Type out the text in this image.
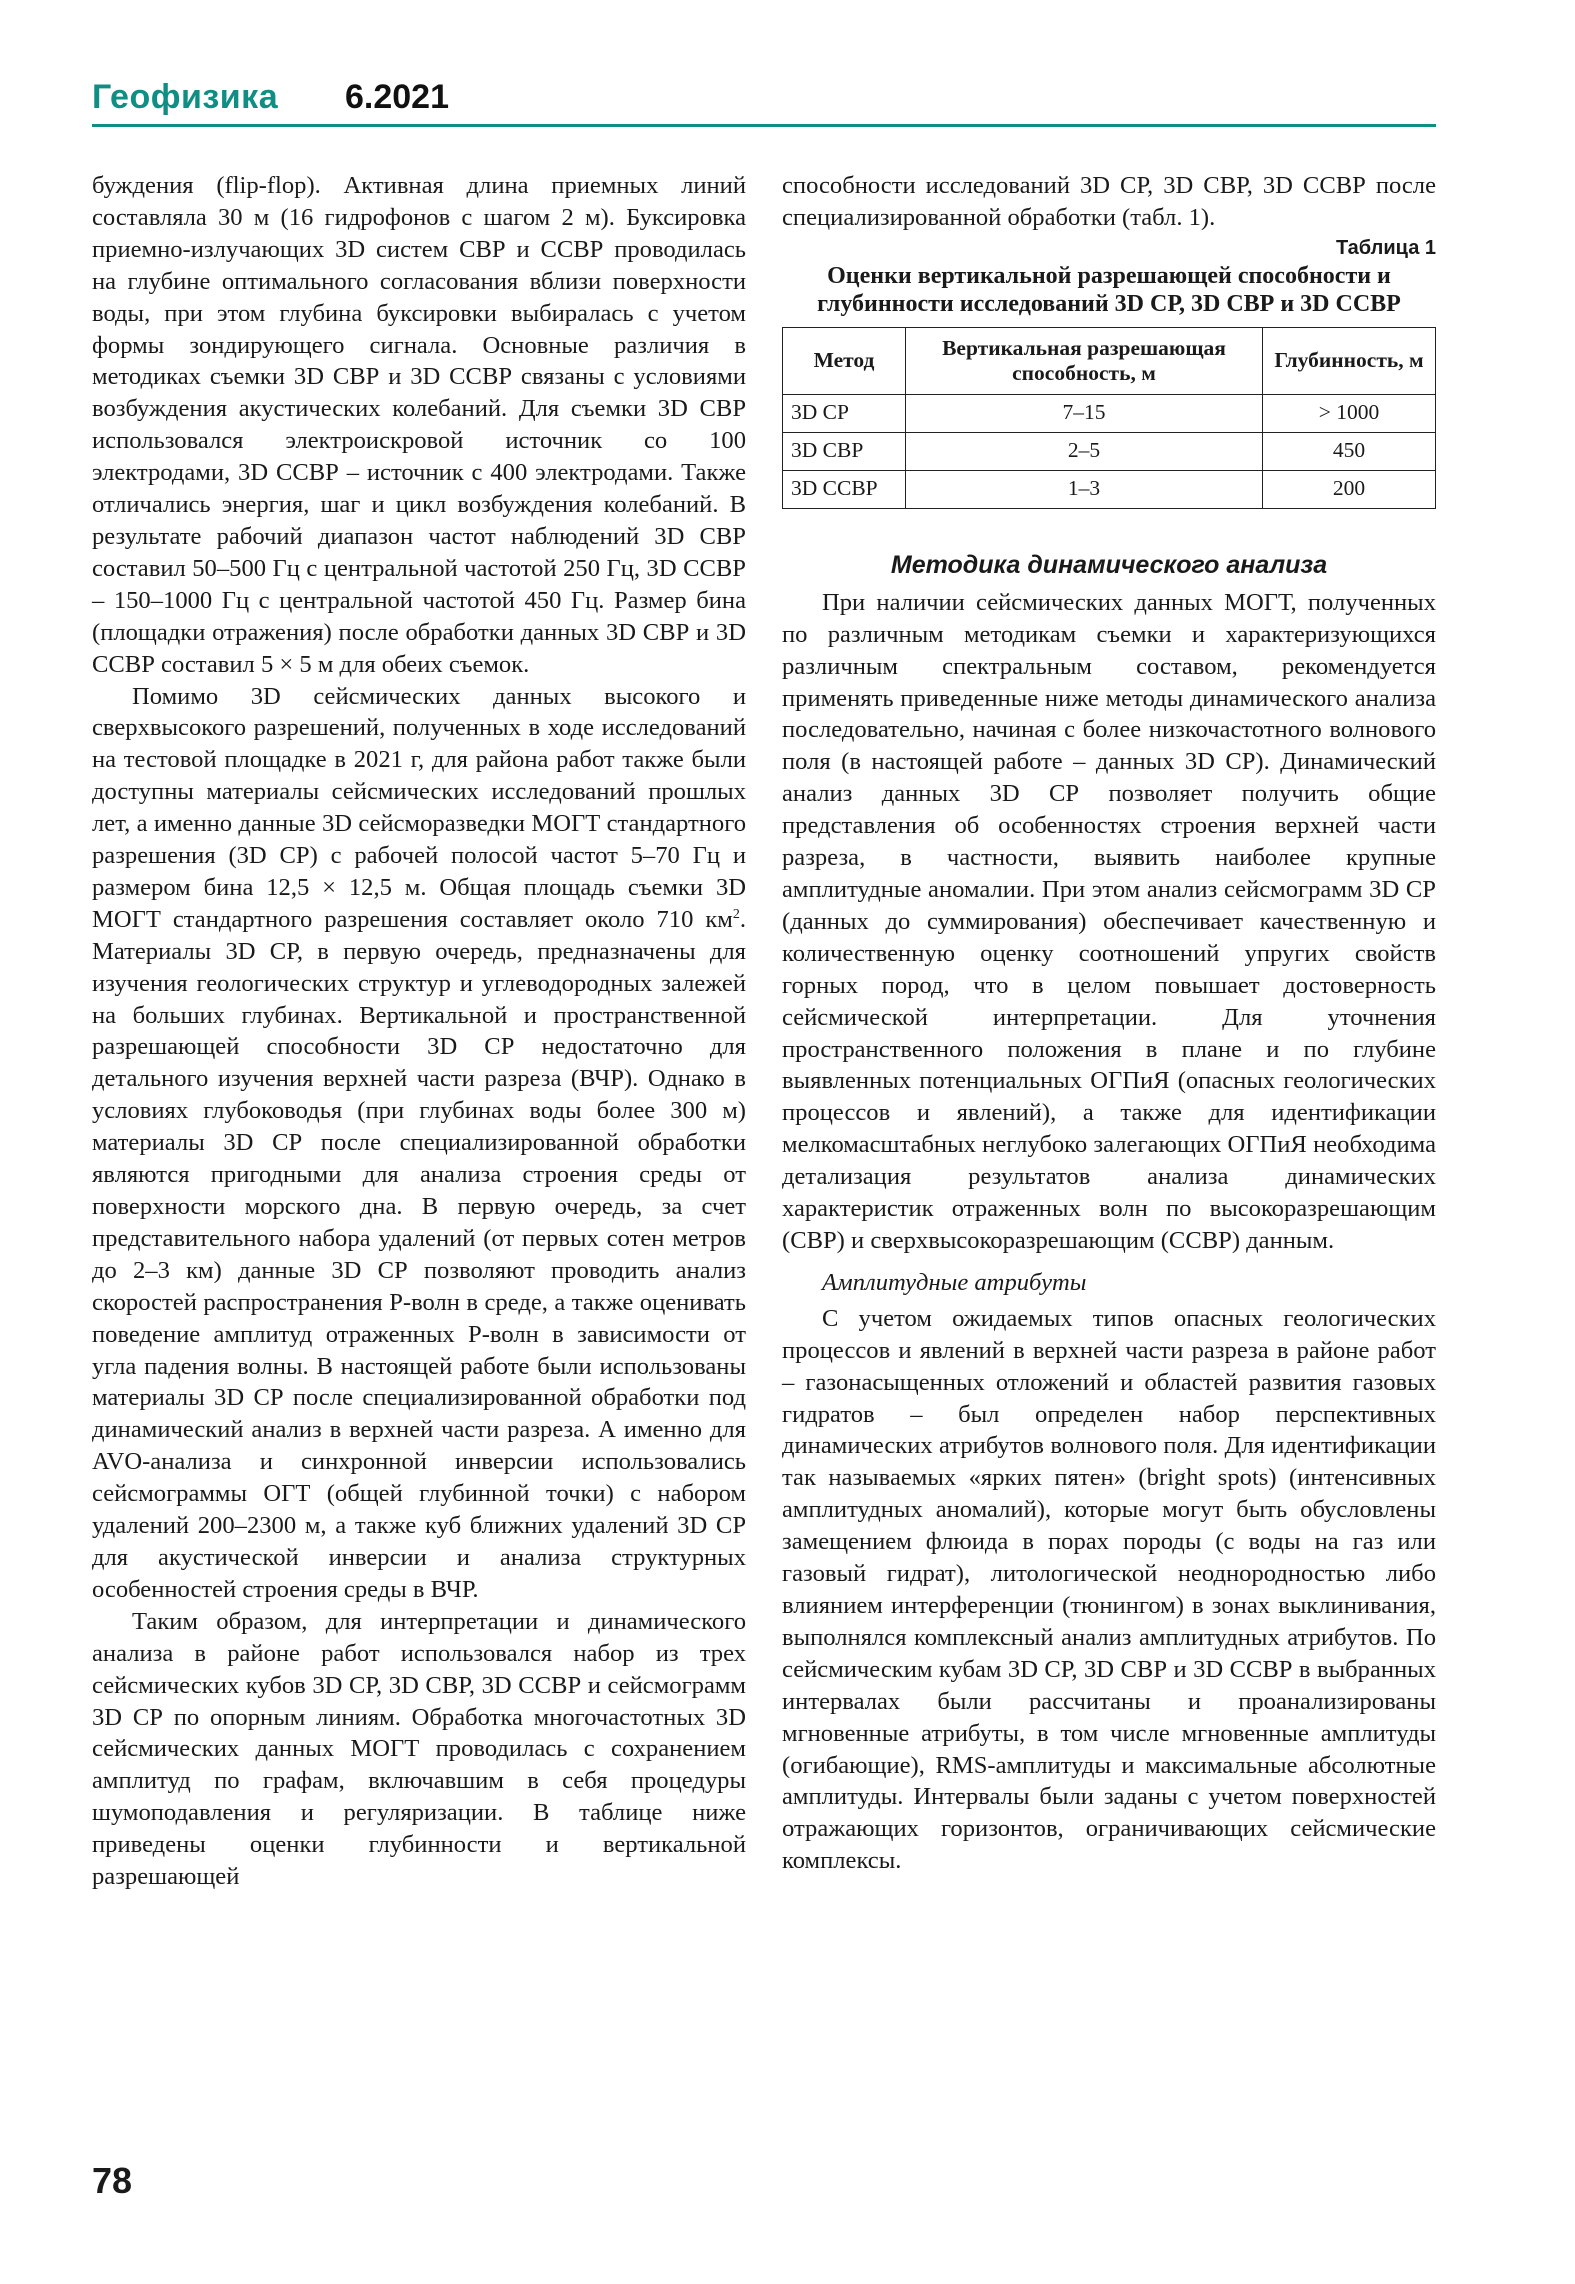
Геофизика 6.2021

буждения (flip-flop). Активная длина приемных линий составляла 30 м (16 гидрофонов с шагом 2 м). Буксировка приемно-излучающих 3D систем СВР и ССВР проводилась на глубине оптимального согласования вблизи поверхности воды, при этом глубина буксировки выбиралась с учетом формы зондирующего сигнала. Основные различия в методиках съемки 3D СВР и 3D ССВР связаны с условиями возбуждения акустических колебаний. Для съемки 3D СВР использовался электроискровой источник со 100 электродами, 3D ССВР – источник с 400 электродами. Также отличались энергия, шаг и цикл возбуждения колебаний. В результате рабочий диапазон частот наблюдений 3D СВР составил 50–500 Гц с центральной частотой 250 Гц, 3D ССВР – 150–1000 Гц с центральной частотой 450 Гц. Размер бина (площадки отражения) после обработки данных 3D СВР и 3D ССВР составил 5 × 5 м для обеих съемок.

Помимо 3D сейсмических данных высокого и сверхвысокого разрешений, полученных в ходе исследований на тестовой площадке в 2021 г, для района работ также были доступны материалы сейсмических исследований прошлых лет, а именно данные 3D сейсморазведки МОГТ стандартного разрешения (3D СР) с рабочей полосой частот 5–70 Гц и размером бина 12,5 × 12,5 м. Общая площадь съемки 3D МОГТ стандартного разрешения составляет около 710 $км^2$. Материалы 3D СР, в первую очередь, предназначены для изучения геологических структур и углеводородных залежей на больших глубинах. Вертикальной и пространственной разрешающей способности 3D СР недостаточно для детального изучения верхней части разреза (ВЧР). Однако в условиях глубоководья (при глубинах воды более 300 м) материалы 3D СР после специализированной обработки являются пригодными для анализа строения среды от поверхности морского дна. В первую очередь, за счет представительного набора удалений (от первых сотен метров до 2–3 км) данные 3D СР позволяют проводить анализ скоростей распространения P-волн в среде, а также оценивать поведение амплитуд отраженных P-волн в зависимости от угла падения волны. В настоящей работе были использованы материалы 3D СР после специализированной обработки под динамический анализ в верхней части разреза. А именно для AVO-анализа и синхронной инверсии использовались сейсмограммы ОГТ (общей глубинной точки) с набором удалений 200–2300 м, а также куб ближних удалений 3D СР для акустической инверсии и анализа структурных особенностей строения среды в ВЧР.

Таким образом, для интерпретации и динамического анализа в районе работ использовался набор из трех сейсмических кубов 3D СР, 3D СВР, 3D ССВР и сейсмограмм 3D СР по опорным линиям. Обработка многочастотных 3D сейсмических данных МОГТ проводилась с сохранением амплитуд по графам, включавшим в себя процедуры шумоподавления и регуляризации. В таблице ниже приведены оценки глубинности и вертикальной разрешающей

способности исследований 3D СР, 3D СВР, 3D ССВР после специализированной обработки (табл. 1).

Таблица 1
Оценки вертикальной разрешающей способности и глубинности исследований 3D СР, 3D СВР и 3D ССВР
Метод	Вертикальная разрешающая способность, м	Глубинность, м
3D СР	7–15	> 1000
3D СВР	2–5	450
3D ССВР	1–3	200
Методика динамического анализа

При наличии сейсмических данных МОГТ, полученных по различным методикам съемки и характеризующихся различным спектральным составом, рекомендуется применять приведенные ниже методы динамического анализа последовательно, начиная с более низкочастотного волнового поля (в настоящей работе – данных 3D СР). Динамический анализ данных 3D СР позволяет получить общие представления об особенностях строения верхней части разреза, в частности, выявить наиболее крупные амплитудные аномалии. При этом анализ сейсмограмм 3D СР (данных до суммирования) обеспечивает качественную и количественную оценку соотношений упругих свойств горных пород, что в целом повышает достоверность сейсмической интерпретации. Для уточнения пространственного положения в плане и по глубине выявленных потенциальных ОГПиЯ (опасных геологических процессов и явлений), а также для идентификации мелкомасштабных неглубоко залегающих ОГПиЯ необходима детализация результатов анализа динамических характеристик отраженных волн по высокоразрешающим (СВР) и сверхвысокоразрешающим (ССВР) данным.

Амплитудные атрибуты

С учетом ожидаемых типов опасных геологических процессов и явлений в верхней части разреза в районе работ – газонасыщенных отложений и областей развития газовых гидратов – был определен набор перспективных динамических атрибутов волнового поля. Для идентификации так называемых «ярких пятен» (bright spots) (интенсивных амплитудных аномалий), которые могут быть обусловлены замещением флюида в порах породы (с воды на газ или газовый гидрат), литологической неоднородностью либо влиянием интерференции (тюнингом) в зонах выклинивания, выполнялся комплексный анализ амплитудных атрибутов. По сейсмическим кубам 3D СР, 3D СВР и 3D ССВР в выбранных интервалах были рассчитаны и проанализированы мгновенные атрибуты, в том числе мгновенные амплитуды (огибающие), RMS-амплитуды и максимальные абсолютные амплитуды. Интервалы были заданы с учетом поверхностей отражающих горизонтов, ограничивающих сейсмические комплексы.

78
